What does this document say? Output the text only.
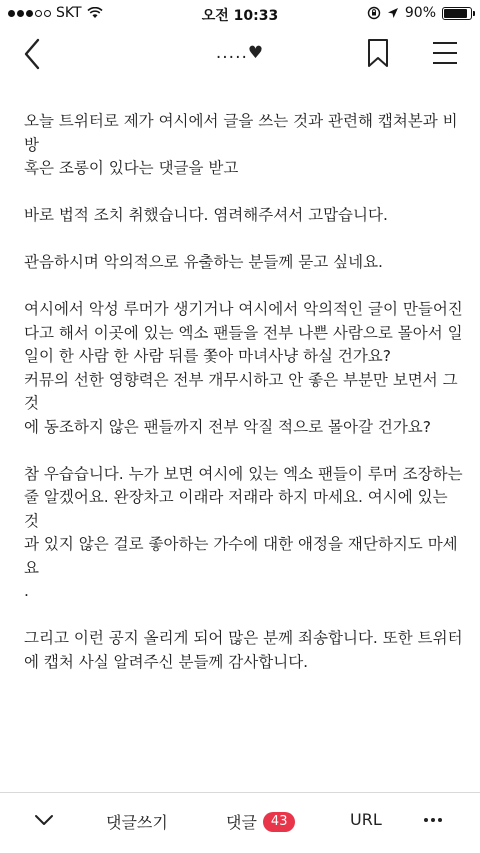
SKT	오전 10:33	90%
.....♥

오늘 트위터로 제가 여시에서 글을 쓰는 것과 관련해 캡쳐본과 비방
혹은 조롱이 있다는 댓글을 받고

바로 법적 조치 취했습니다. 염려해주셔서 고맙습니다.

관음하시며 악의적으로 유출하는 분들께 묻고 싶네요.

여시에서 악성 루머가 생기거나 여시에서 악의적인 글이 만들어진
다고 해서 이곳에 있는 엑소 팬들을 전부 나쁜 사람으로 몰아서 일
일이 한 사람 한 사람 뒤를 쫓아 마녀사냥 하실 건가요?
커뮤의 선한 영향력은 전부 개무시하고 안 좋은 부분만 보면서 그것
에 동조하지 않은 팬들까지 전부 악질 적으로 몰아갈 건가요?

참 우습습니다. 누가 보면 여시에 있는 엑소 팬들이 루머 조장하는
줄 알겠어요. 완장차고 이래라 저래라 하지 마세요. 여시에 있는 것
과 있지 않은 걸로 좋아하는 가수에 대한 애정을 재단하지도 마세요
.

그리고 이런 공지 올리게 되어 많은 분께 죄송합니다. 또한 트위터
에 캡처 사실 알려주신 분들께 감사합니다.

댓글쓰기	댓글	43	URL
